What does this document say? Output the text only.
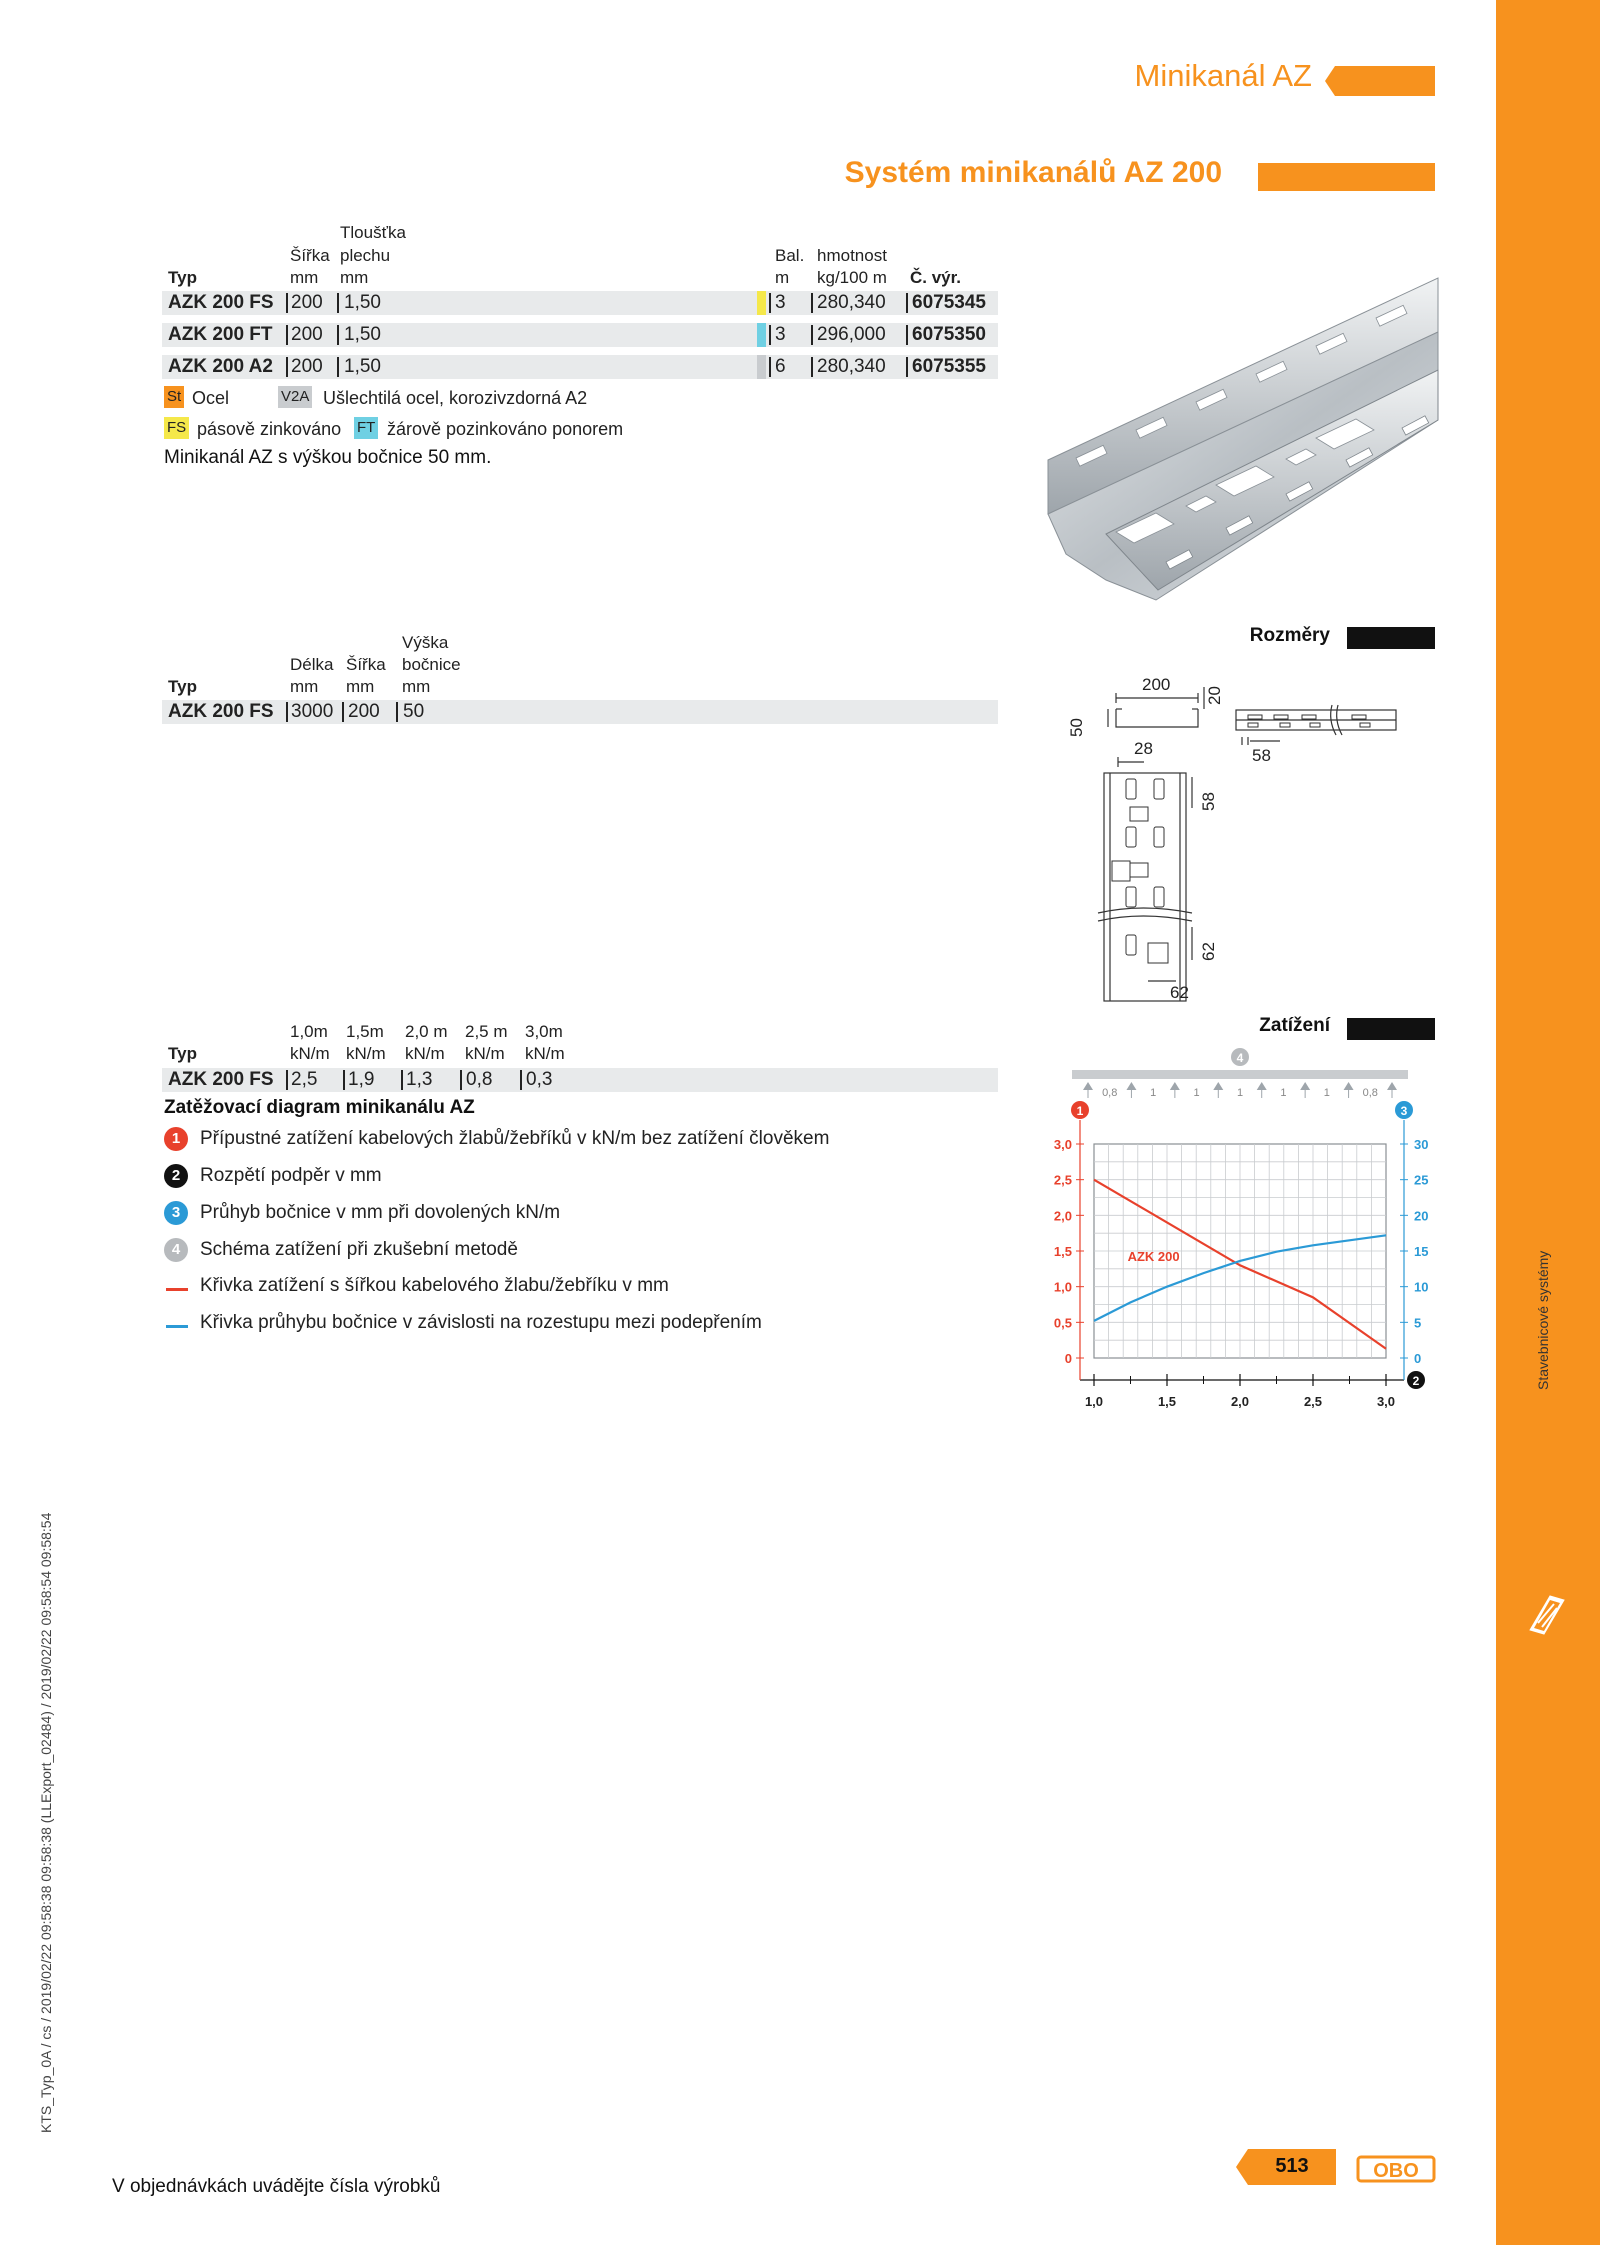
Stavebnicové systémy
KTS_Typ_0A / cs / 2019/02/22 09:58:38 09:58:38 (LLExport_02484) / 2019/02/22 09:58:54 09:58:54
Minikanál AZ
Systém minikanálů AZ 200
Tloušťka
Šířka plechu	Bal. hmotnost
Typ	mm mm	m kg/100 m Č. výr.
AZK 200 FS 200 1,50	3 280,340 6075345
AZK 200 FT 200 1,50	3 296,000 6075350
AZK 200 A2 200 1,50	6 280,340 6075355
St Ocel	V2A Ušlechtilá ocel, korozivzdorná A2
FS pásově zinkováno FT žárově pozinkováno ponorem
Minikanál AZ s výškou bočnice 50 mm.
Rozměry
Výška
Délka Šířka bočnice
Typ	mm mm mm
AZK 200 FS 3000 200 50
200
50
20
58
28
58
62
62
Zatížení
1,0m 1,5m 2,0 m 2,5 m 3,0m
Typ	kN/m kN/m kN/m kN/m kN/m
AZK 200 FS 2,5 1,9 1,3 0,8 0,3
Zatěžovací diagram minikanálu AZ
1	Přípustné zatížení kabelových žlabů/žebříků v kN/m bez zatížení člověkem
2	Rozpětí podpěr v mm
3	Průhyb bočnice v mm při dovolených kN/m
4	Schéma zatížení při zkušební metodě
Křivka zatížení s šířkou kabelového žlabu/žebříku v mm
Křivka průhybu bočnice v závislosti na rozestupu mezi podepřením
1,0	1,5	2,0	2,5	3,0
0
0,5
1,0
1,5
2,0
2,5
3,0
0
5
10
15
20
25
30
AZK 200
1	3
2
4
0,8	1	1	1	1	1	0,8
V objednávkách uvádějte čísla výrobků
513	OBO
